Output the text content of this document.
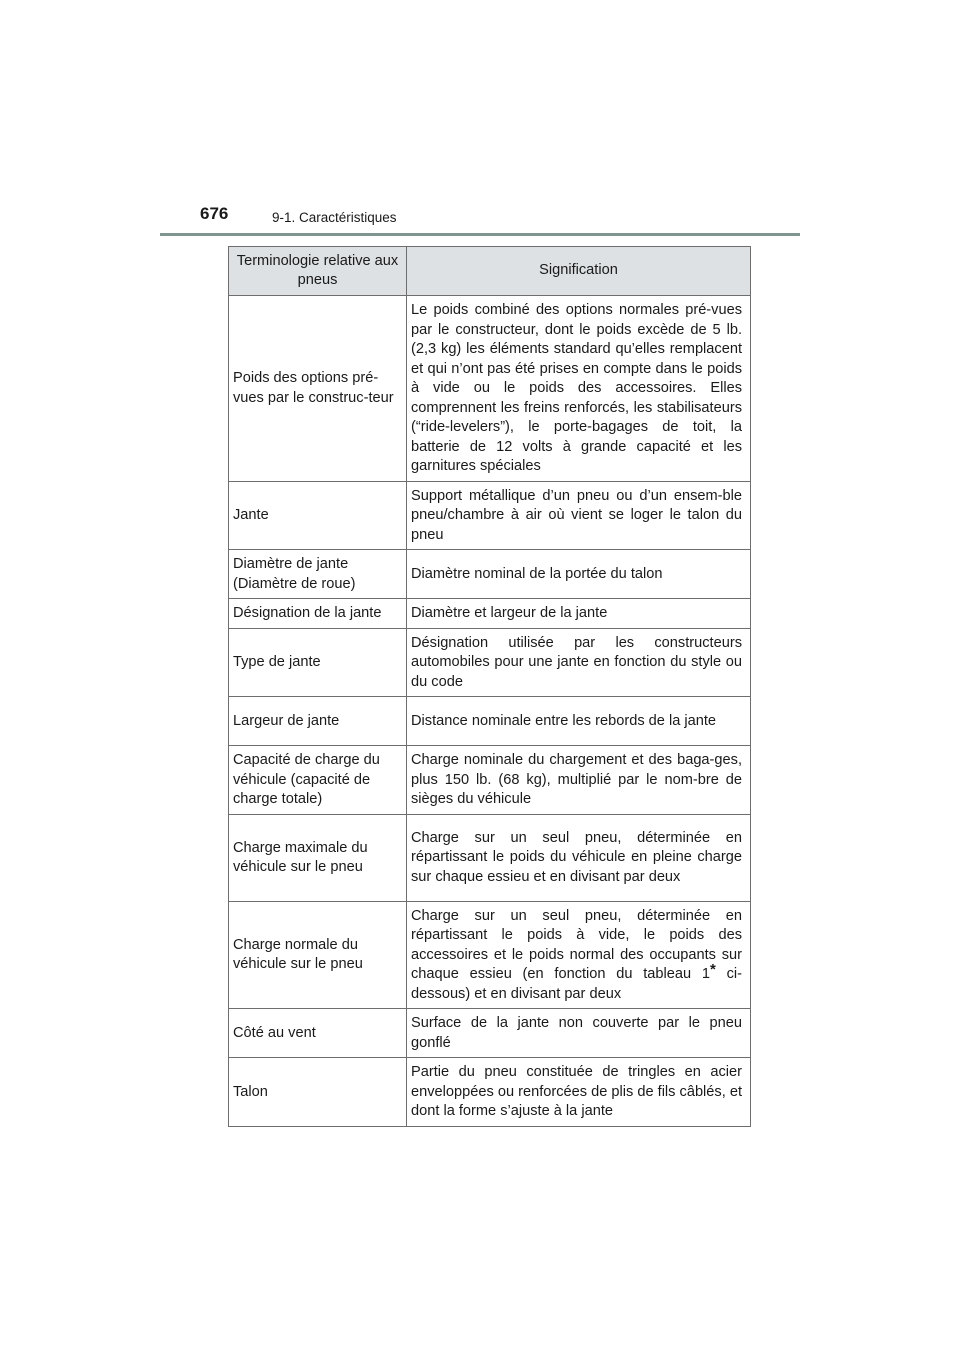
676	9-1. Caractéristiques
Terminologie relative aux pneus	Signification
Poids des options pré-vues par le construc-teur	Le poids combiné des options normales pré-vues par le constructeur, dont le poids excède de 5 lb. (2,3 kg) les éléments standard qu’elles remplacent et qui n’ont pas été prises en compte dans le poids à vide ou le poids des accessoires. Elles comprennent les freins renforcés, les stabilisateurs (“ride-levelers”), le porte-bagages de toit, la batterie de 12 volts à grande capacité et les garnitures spéciales
Jante	Support métallique d’un pneu ou d’un ensem-ble pneu/chambre à air où vient se loger le talon du pneu
Diamètre de jante (Diamètre de roue)	Diamètre nominal de la portée du talon
Désignation de la jante	Diamètre et largeur de la jante
Type de jante	Désignation utilisée par les constructeurs automobiles pour une jante en fonction du style ou du code
Largeur de jante	Distance nominale entre les rebords de la jante
Capacité de charge du véhicule (capacité de charge totale)	Charge nominale du chargement et des baga-ges, plus 150 lb. (68 kg), multiplié par le nom-bre de sièges du véhicule
Charge maximale du véhicule sur le pneu	Charge sur un seul pneu, déterminée en répartissant le poids du véhicule en pleine charge sur chaque essieu et en divisant par deux
Charge normale du véhicule sur le pneu	Charge sur un seul pneu, déterminée en répartissant le poids à vide, le poids des accessoires et le poids normal des occupants sur chaque essieu (en fonction du tableau 1* ci-dessous) et en divisant par deux
Côté au vent	Surface de la jante non couverte par le pneu gonflé
Talon	Partie du pneu constituée de tringles en acier enveloppées ou renforcées de plis de fils câblés, et dont la forme s’ajuste à la jante
